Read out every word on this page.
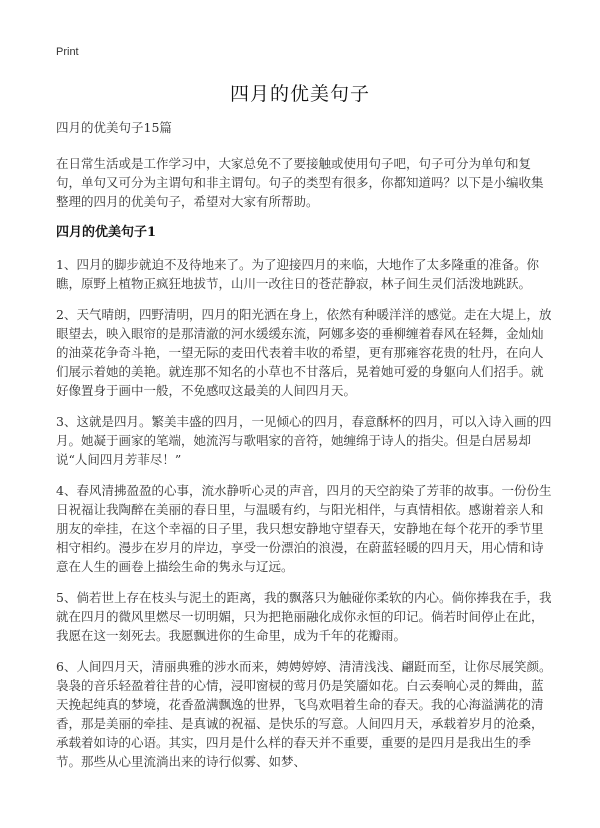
Print
四月的优美句子

四月的优美句子15篇

在日常生活或是工作学习中，大家总免不了要接触或使用句子吧，句子可分为单句和复句，单句又可分为主谓句和非主谓句。句子的类型有很多，你都知道吗？以下是小编收集整理的四月的优美句子，希望对大家有所帮助。

四月的优美句子1
1、四月的脚步就迫不及待地来了。为了迎接四月的来临，大地作了太多隆重的准备。你瞧，原野上植物正疯狂地拔节，山川一改往日的苍茫静寂，林子间生灵们活泼地跳跃。
2、天气晴朗，四野清明，四月的阳光洒在身上，依然有种暖洋洋的感觉。走在大堤上，放眼望去，映入眼帘的是那清澈的河水缓缓东流，阿娜多姿的垂柳缠着春风在轻舞，金灿灿的油菜花争奇斗艳，一望无际的麦田代表着丰收的希望，更有那雍容花贵的牡丹，在向人们展示着她的美艳。就连那不知名的小草也不甘落后，晃着她可爱的身躯向人们招手。就好像置身于画中一般，不免感叹这最美的人间四月天。
3、这就是四月。繁美丰盛的四月，一见倾心的四月，春意酥杯的四月，可以入诗入画的四月。她凝于画家的笔端，她流泻与歌唱家的音符，她缠绵于诗人的指尖。但是白居易却说“人间四月芳菲尽！”
4、春风清拂盈盈的心事，流水静听心灵的声音，四月的天空韵染了芳菲的故事。一份份生日祝福让我陶醉在美丽的春日里，与温暖有约，与阳光相伴，与真情相依。感谢着亲人和朋友的牵挂，在这个幸福的日子里，我只想安静地守望春天，安静地在每个花开的季节里相守相约。漫步在岁月的岸边，享受一份漂泊的浪漫，在蔚蓝轻暖的四月天，用心情和诗意在人生的画卷上描绘生命的隽永与辽远。
5、倘若世上存在枝头与泥土的距离，我的飘落只为触碰你柔软的内心。倘你捧我在手，我就在四月的微风里燃尽一切明媚，只为把艳丽融化成你永恒的印记。倘若时间停止在此，我愿在这一刻死去。我愿飘进你的生命里，成为千年的花瓣雨。
6、人间四月天，清丽典雅的涉水而来，娉娉婷婷、清清浅浅、翩跹而至，让你尽展笑颜。袅袅的音乐轻盈着往昔的心情，浸叩窗棂的莺月仍是笑靥如花。白云奏响心灵的舞曲，蓝天挽起纯真的梦境，花香盈满飘逸的世界，飞鸟欢唱着生命的春天。我的心海溢满花的清香，那是美丽的牵挂、是真诚的祝福、是快乐的写意。人间四月天，承载着岁月的沧桑，承载着如诗的心语。其实，四月是什么样的春天并不重要，重要的是四月是我出生的季节。那些从心里流淌出来的诗行似雾、如梦、
